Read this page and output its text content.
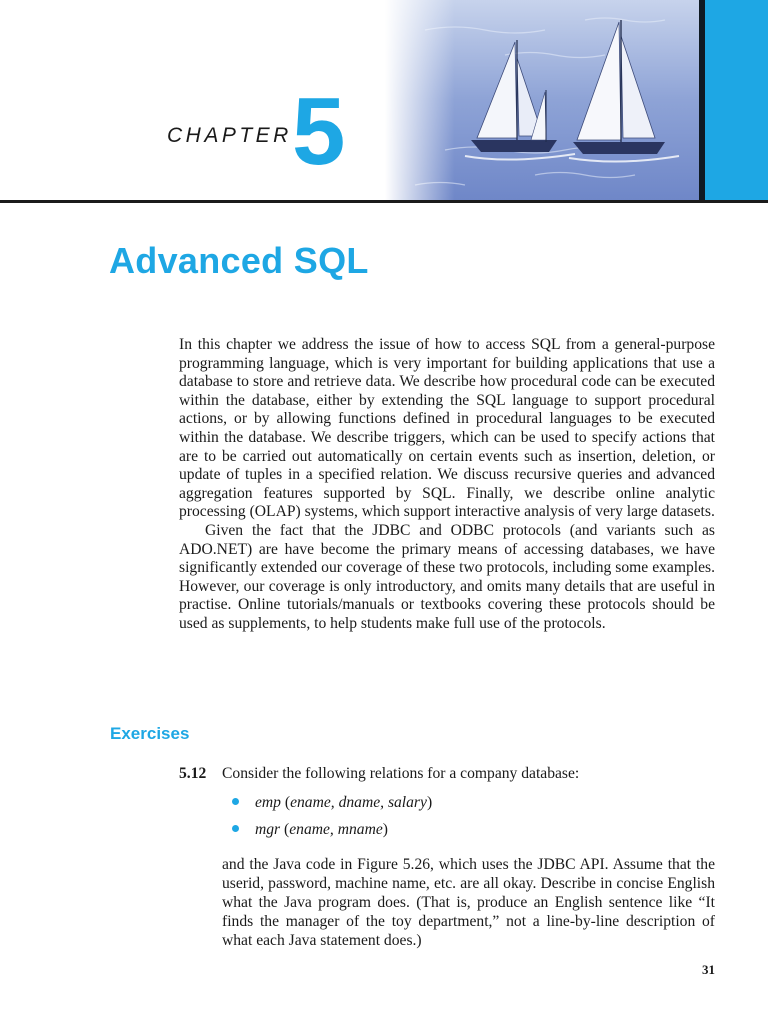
CHAPTER 5
Advanced SQL

In this chapter we address the issue of how to access SQL from a general-purpose programming language, which is very important for building applications that use a database to store and retrieve data. We describe how procedural code can be executed within the database, either by extending the SQL language to support procedural actions, or by allowing functions defined in procedural languages to be executed within the database. We describe triggers, which can be used to specify actions that are to be carried out automatically on certain events such as insertion, deletion, or update of tuples in a specified relation. We discuss recursive queries and advanced aggregation features supported by SQL. Finally, we describe online analytic processing (OLAP) systems, which support interactive analysis of very large datasets.

Given the fact that the JDBC and ODBC protocols (and variants such as ADO.NET) are have become the primary means of accessing databases, we have significantly extended our coverage of these two protocols, including some examples. However, our coverage is only introductory, and omits many details that are useful in practise. Online tutorials/manuals or textbooks covering these protocols should be used as supplements, to help students make full use of the protocols.

Exercises
5.12 Consider the following relations for a company database:

emp (ename, dname, salary)
mgr (ename, mname)

and the Java code in Figure 5.26, which uses the JDBC API. Assume that the userid, password, machine name, etc. are all okay. Describe in concise English what the Java program does. (That is, produce an English sentence like “It finds the manager of the toy department,” not a line-by-line description of what each Java statement does.)

31
